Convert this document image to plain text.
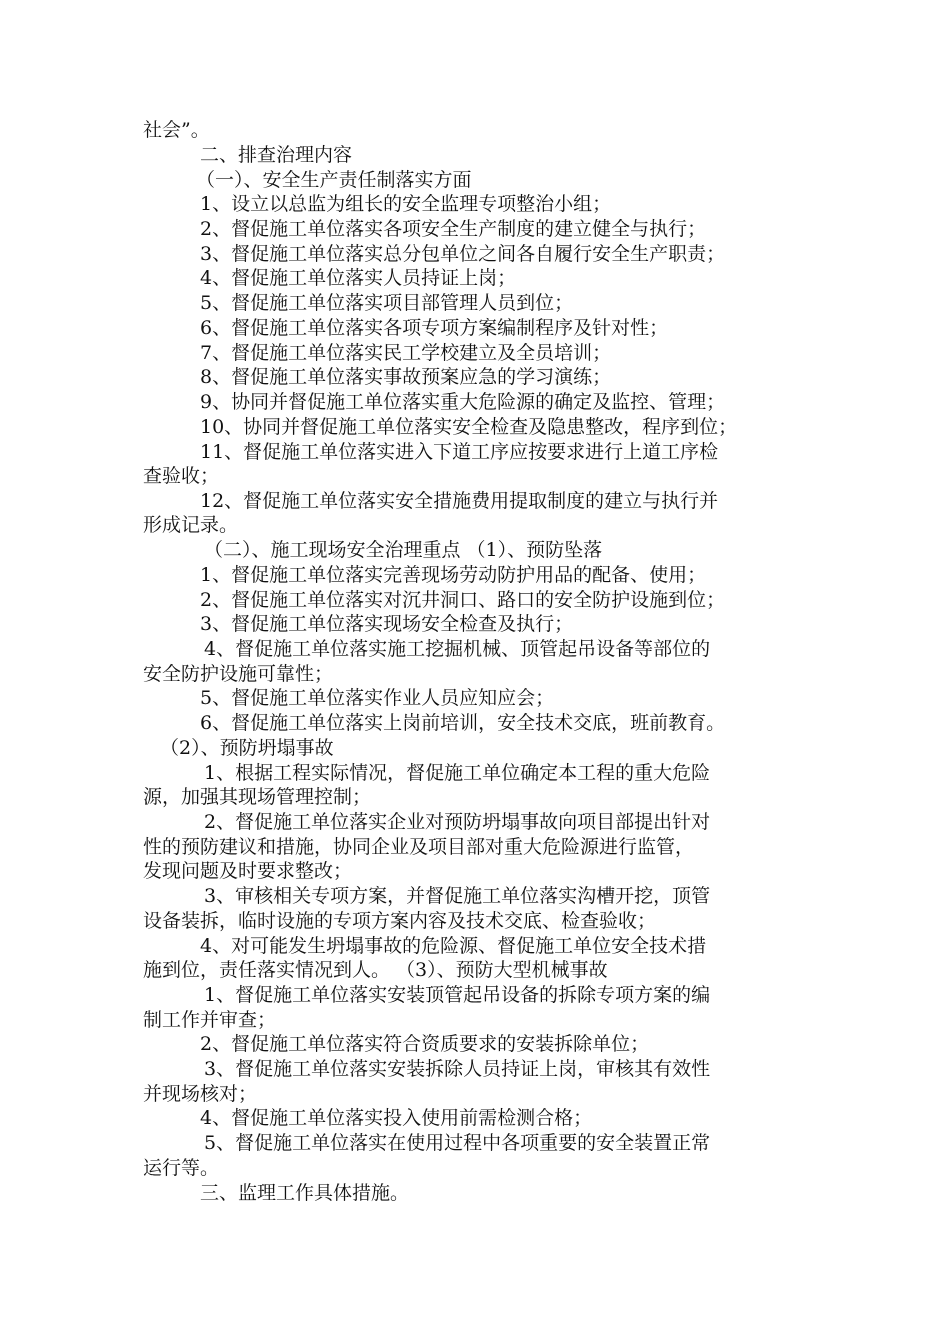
社会”。
二、排查治理内容
（一）、安全生产责任制落实方面
1、设立以总监为组长的安全监理专项整治小组；
2、督促施工单位落实各项安全生产制度的建立健全与执行；
3、督促施工单位落实总分包单位之间各自履行安全生产职责；
4、督促施工单位落实人员持证上岗；
5、督促施工单位落实项目部管理人员到位；
6、督促施工单位落实各项专项方案编制程序及针对性；
7、督促施工单位落实民工学校建立及全员培训；
8、督促施工单位落实事故预案应急的学习演练；
9、协同并督促施工单位落实重大危险源的确定及监控、管理；
10、协同并督促施工单位落实安全检查及隐患整改，程序到位；
11、督促施工单位落实进入下道工序应按要求进行上道工序检
查验收；
12、督促施工单位落实安全措施费用提取制度的建立与执行并
形成记录。
（二）、施工现场安全治理重点 （1）、预防坠落
1、督促施工单位落实完善现场劳动防护用品的配备、使用；
2、督促施工单位落实对沉井洞口、路口的安全防护设施到位；
3、督促施工单位落实现场安全检查及执行；
4、督促施工单位落实施工挖掘机械、顶管起吊设备等部位的
安全防护设施可靠性；
5、督促施工单位落实作业人员应知应会；
6、督促施工单位落实上岗前培训，安全技术交底，班前教育。
（2）、预防坍塌事故
1、根据工程实际情况，督促施工单位确定本工程的重大危险
源，加强其现场管理控制；
2、督促施工单位落实企业对预防坍塌事故向项目部提出针对
性的预防建议和措施，协同企业及项目部对重大危险源进行监管，
发现问题及时要求整改；
3、审核相关专项方案，并督促施工单位落实沟槽开挖，顶管
设备装拆，临时设施的专项方案内容及技术交底、检查验收；
4、对可能发生坍塌事故的危险源、督促施工单位安全技术措
施到位，责任落实情况到人。 （3）、预防大型机械事故
1、督促施工单位落实安装顶管起吊设备的拆除专项方案的编
制工作并审查；
2、督促施工单位落实符合资质要求的安装拆除单位；
3、督促施工单位落实安装拆除人员持证上岗，审核其有效性
并现场核对；
4、督促施工单位落实投入使用前需检测合格；
5、督促施工单位落实在使用过程中各项重要的安全装置正常
运行等。
三、监理工作具体措施。
